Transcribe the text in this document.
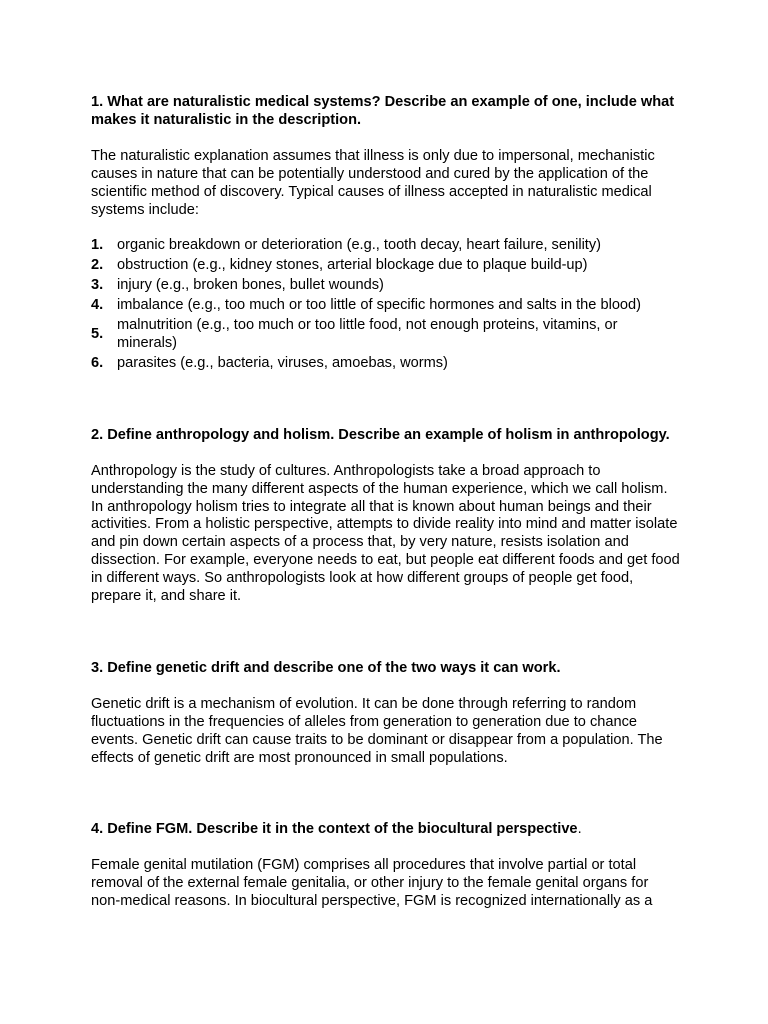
1. What are naturalistic medical systems? Describe an example of one, include what makes it naturalistic in the description.

The naturalistic explanation assumes that illness is only due to impersonal, mechanistic causes in nature that can be potentially understood and cured by the application of the scientific method of discovery. Typical causes of illness accepted in naturalistic medical systems include:

1. organic breakdown or deterioration (e.g., tooth decay, heart failure, senility)
2. obstruction (e.g., kidney stones, arterial blockage due to plaque build-up)
3. injury (e.g., broken bones, bullet wounds)
4. imbalance (e.g., too much or too little of specific hormones and salts in the blood)
5.
malnutrition (e.g., too much or too little food, not enough proteins, vitamins, or minerals)
6. parasites (e.g., bacteria, viruses, amoebas, worms)

2. Define anthropology and holism. Describe an example of holism in anthropology.

Anthropology is the study of cultures. Anthropologists take a broad approach to understanding the many different aspects of the human experience, which we call holism. In anthropology holism tries to integrate all that is known about human beings and their activities. From a holistic perspective, attempts to divide reality into mind and matter isolate and pin down certain aspects of a process that, by very nature, resists isolation and dissection. For example, everyone needs to eat, but people eat different foods and get food in different ways. So anthropologists look at how different groups of people get food, prepare it, and share it.

3. Define genetic drift and describe one of the two ways it can work.

Genetic drift is a mechanism of evolution. It can be done through referring to random fluctuations in the frequencies of alleles from generation to generation due to chance events. Genetic drift can cause traits to be dominant or disappear from a population. The effects of genetic drift are most pronounced in small populations.

4. Define FGM. Describe it in the context of the biocultural perspective.

Female genital mutilation (FGM) comprises all procedures that involve partial or total removal of the external female genitalia, or other injury to the female genital organs for non-medical reasons. In biocultural perspective, FGM is recognized internationally as a
